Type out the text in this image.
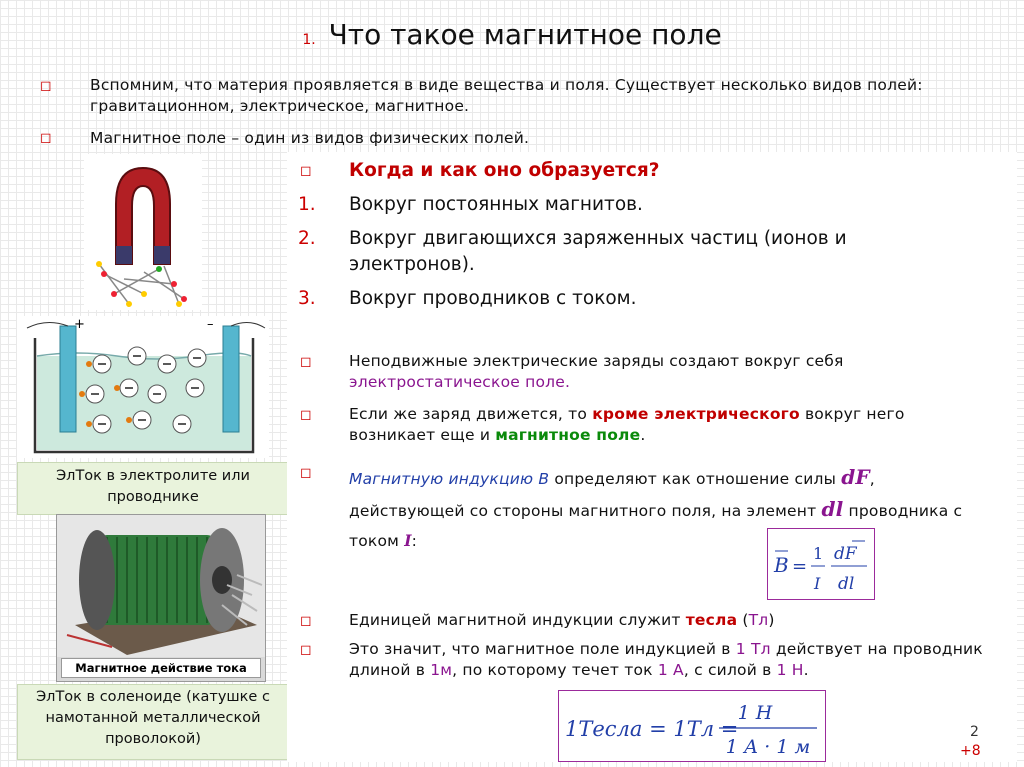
1. Что такое магнитное поле
◻ Вспомним, что материя проявляется в виде вещества и поля. Существует несколько видов полей: гравитационном, электрическое, магнитное.
◻ Магнитное поле – один из видов физических полей.
+	–
ЭлТок в электролите или проводнике
Магнитное действие тока
ЭлТок в соленоиде (катушке с намотанной металлической проволокой)
◻ Когда и как оно образуется?
1. Вокруг постоянных магнитов.
2. Вокруг двигающихся заряженных частиц (ионов и электронов).
3. Вокруг проводников с током.
◻ Неподвижные электрические заряды создают вокруг себя электростатическое поле.
◻ Если же заряд движется, то кроме электрического вокруг него возникает еще и магнитное поле.
◻ Магнитную индукцию B определяют как отношение силы dF, действующей со стороны магнитного поля, на элемент dl проводника с током I:
B =
1
I
dF
dl
◻ Единицей магнитной индукции служит тесла (Тл)
◻ Это значит, что магнитное поле индукцией в 1 Тл действует на проводник длиной в 1м, по которому течет ток 1 А, с силой в 1 Н.
1Тесла = 1Тл =
1 Н
1 А · 1 м
2
+8
